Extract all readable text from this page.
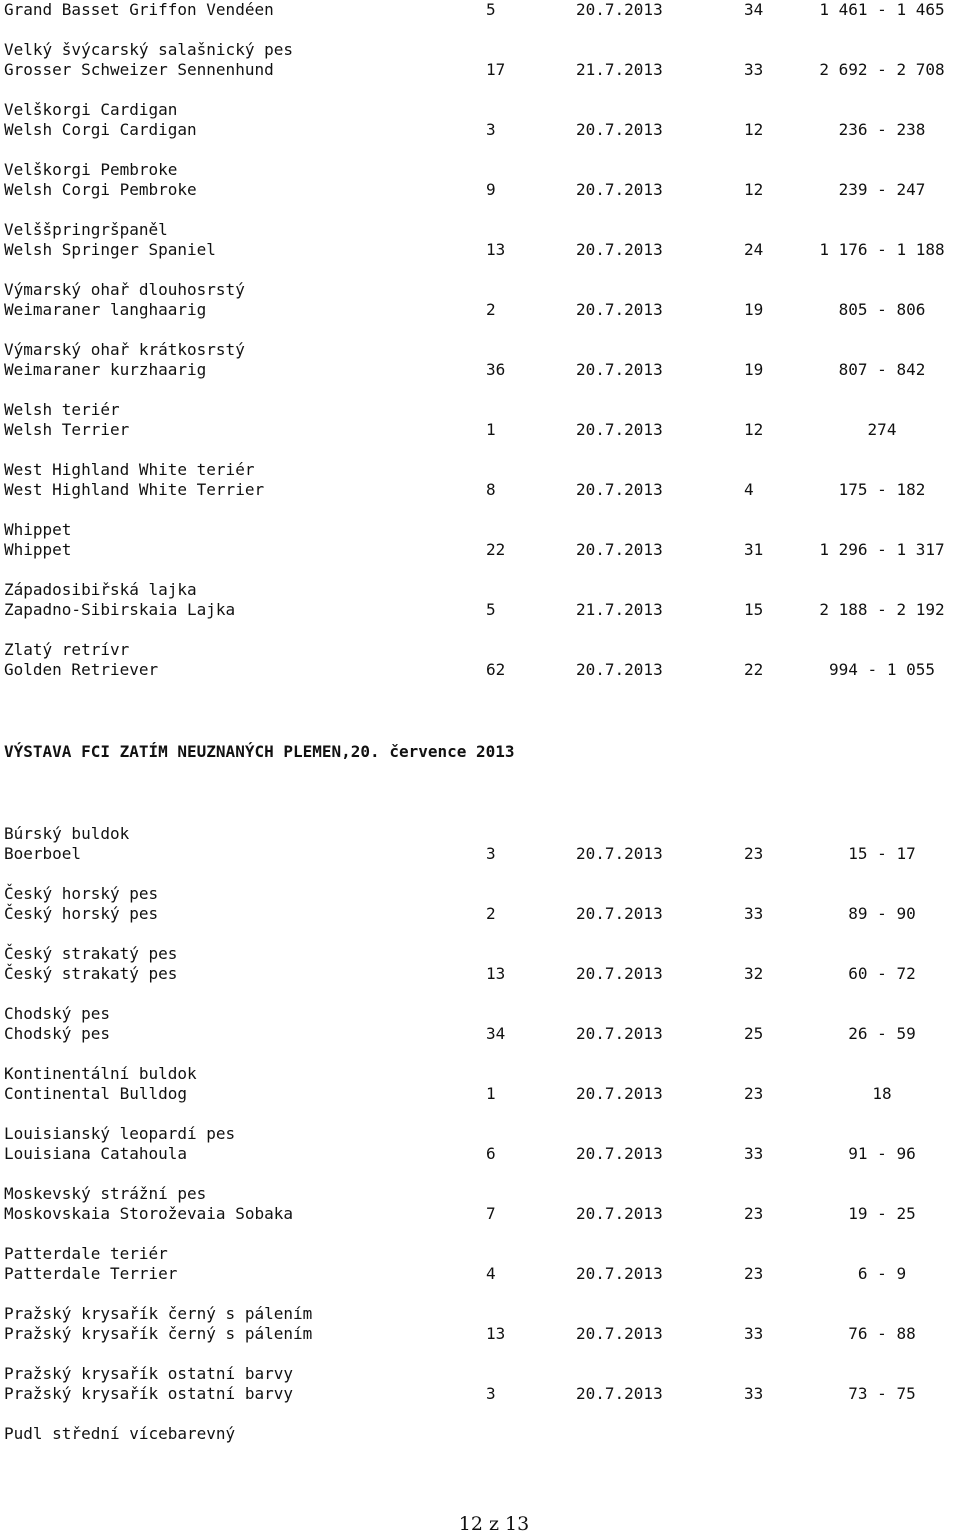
Grand Basset Griffon Vendéen	5	20.7.2013	34	1 461 - 1 465
Velký švýcarský salašnický pes
Grosser Schweizer Sennenhund	17	21.7.2013	33	2 692 - 2 708
Velškorgi Cardigan
Welsh Corgi Cardigan	3	20.7.2013	12	236 - 238
Velškorgi Pembroke
Welsh Corgi Pembroke	9	20.7.2013	12	239 - 247
Velššpringršpaněl
Welsh Springer Spaniel	13	20.7.2013	24	1 176 - 1 188
Výmarský ohař dlouhosrstý
Weimaraner langhaarig	2	20.7.2013	19	805 - 806
Výmarský ohař krátkosrstý
Weimaraner kurzhaarig	36	20.7.2013	19	807 - 842
Welsh teriér
Welsh Terrier	1	20.7.2013	12	274
West Highland White teriér
West Highland White Terrier	8	20.7.2013	4	175 - 182
Whippet
Whippet	22	20.7.2013	31	1 296 - 1 317
Západosibiřská lajka
Zapadno-Sibirskaia Lajka	5	21.7.2013	15	2 188 - 2 192
Zlatý retrívr
Golden Retriever	62	20.7.2013	22	994 - 1 055
VÝSTAVA FCI ZATÍM NEUZNANÝCH PLEMEN,20. července 2013
Búrský buldok
Boerboel	3	20.7.2013	23	15 - 17
Český horský pes
Český horský pes	2	20.7.2013	33	89 - 90
Český strakatý pes
Český strakatý pes	13	20.7.2013	32	60 - 72
Chodský pes
Chodský pes	34	20.7.2013	25	26 - 59
Kontinentální buldok
Continental Bulldog	1	20.7.2013	23	18
Louisianský leopardí pes
Louisiana Catahoula	6	20.7.2013	33	91 - 96
Moskevský strážní pes
Moskovskaia Storoževaia Sobaka	7	20.7.2013	23	19 - 25
Patterdale teriér
Patterdale Terrier	4	20.7.2013	23	6 - 9
Pražský krysařík černý s pálením
Pražský krysařík černý s pálením	13	20.7.2013	33	76 - 88
Pražský krysařík ostatní barvy
Pražský krysařík ostatní barvy	3	20.7.2013	33	73 - 75
Pudl střední vícebarevný
12 z 13
